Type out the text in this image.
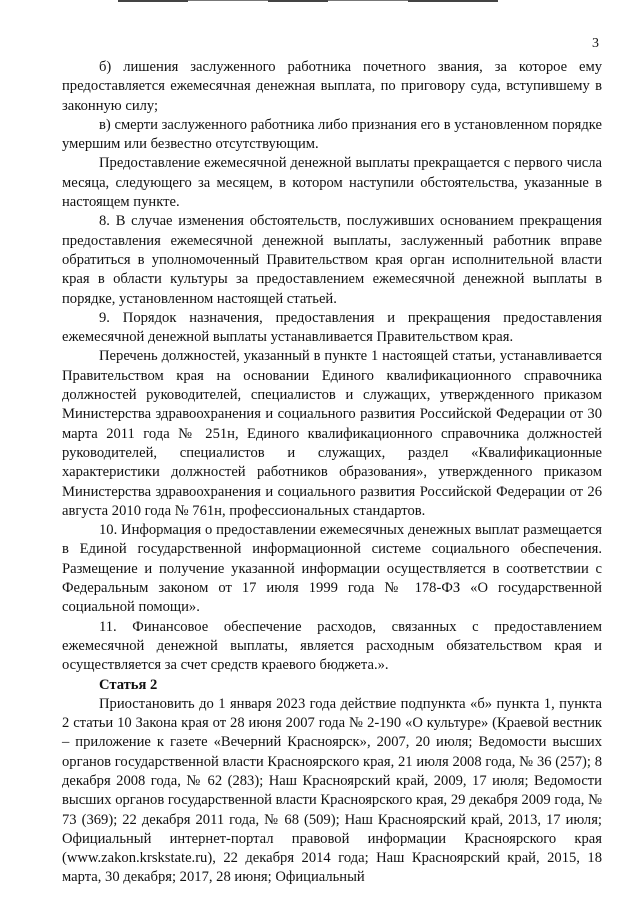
3

б) лишения заслуженного работника почетного звания, за которое ему предоставляется ежемесячная денежная выплата, по приговору суда, вступившему в законную силу;

в) смерти заслуженного работника либо признания его в установленном порядке умершим или безвестно отсутствующим.

Предоставление ежемесячной денежной выплаты прекращается с первого числа месяца, следующего за месяцем, в котором наступили обстоятельства, указанные в настоящем пункте.

8. В случае изменения обстоятельств, послуживших основанием прекращения предоставления ежемесячной денежной выплаты, заслуженный работник вправе обратиться в уполномоченный Правительством края орган исполнительной власти края в области культуры за предоставлением ежемесячной денежной выплаты в порядке, установленном настоящей статьей.

9. Порядок назначения, предоставления и прекращения предоставления ежемесячной денежной выплаты устанавливается Правительством края.

Перечень должностей, указанный в пункте 1 настоящей статьи, устанавливается Правительством края на основании Единого квалификационного справочника должностей руководителей, специалистов и служащих, утвержденного приказом Министерства здравоохранения и социального развития Российской Федерации от 30 марта 2011 года № 251н, Единого квалификационного справочника должностей руководителей, специалистов и служащих, раздел «Квалификационные характеристики должностей работников образования», утвержденного приказом Министерства здравоохранения и социального развития Российской Федерации от 26 августа 2010 года № 761н, профессиональных стандартов.

10. Информация о предоставлении ежемесячных денежных выплат размещается в Единой государственной информационной системе социального обеспечения. Размещение и получение указанной информации осуществляется в соответствии с Федеральным законом от 17 июля 1999 года № 178-ФЗ «О государственной социальной помощи».

11. Финансовое обеспечение расходов, связанных с предоставлением ежемесячной денежной выплаты, является расходным обязательством края и осуществляется за счет средств краевого бюджета.».

Статья 2

Приостановить до 1 января 2023 года действие подпункта «б» пункта 1, пункта 2 статьи 10 Закона края от 28 июня 2007 года № 2-190 «О культуре» (Краевой вестник – приложение к газете «Вечерний Красноярск», 2007, 20 июля; Ведомости высших органов государственной власти Красноярского края, 21 июля 2008 года, № 36 (257); 8 декабря 2008 года, № 62 (283); Наш Красноярский край, 2009, 17 июля; Ведомости высших органов государственной власти Красноярского края, 29 декабря 2009 года, № 73 (369); 22 декабря 2011 года, № 68 (509); Наш Красноярский край, 2013, 17 июля; Официальный интернет-портал правовой информации Красноярского края (www.zakon.krskstate.ru), 22 декабря 2014 года; Наш Красноярский край, 2015, 18 марта, 30 декабря; 2017, 28 июня; Официальный
